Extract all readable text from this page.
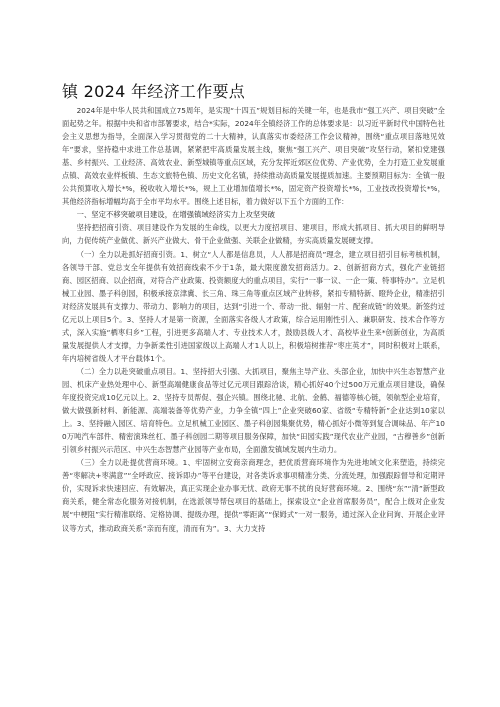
镇 2024 年经济工作要点

2024年是中华人民共和国成立75周年，是实现“十四五”规划目标的关键一年，也是我市“强工兴产、项目突破”全面起势之年。根据中央和省市部署要求，结合*实际，2024年全镇经济工作的总体要求是：以习近平新时代中国特色社会主义思想为指导，全面深入学习贯彻党的二十大精神，认真落实市委经济工作会议精神，围绕“重点项目落地见效年”要求，坚持稳中求进工作总基调，紧紧把牢高质量发展主线，聚焦“强工兴产、项目突破”攻坚行动，紧扣党建强基、乡村振兴、工业经济、高效农业、新型城镇等重点区域，充分发挥近郊区位优势、产业优势，全力打造工业发展重点镇、高效农业样板镇、生态文旅特色镇、历史文化名镇，持续推动高质量发展提质加速。主要预期目标为：全镇一般公共预算收入增长*%，税收收入增长*%，规上工业增加值增长*%，固定资产投资增长*%，工业技改投资增长*%，其他经济指标增幅均高于全市平均水平。围绕上述目标，着力做好以下五个方面的工作：

一、坚定不移突破项目建设，在增强镇域经济实力上攻坚突破

坚持把招商引资、项目建设作为发展的生命线，以更大力度招项目、建项目，形成大抓项目、抓大项目的鲜明导向，力促传统产业做优、新兴产业做大、骨干企业做强、关联企业做精，夯实高质量发展硬支撑。

（一）全力以赴抓好招商引资。1、树立“人人都是信息员，人人都是招商员”理念，建立项目招引目标考核机制，各领导干部、党总支全年提供有效招商线索不少于1条，最大限度激发招商活力。2、创新招商方式，强化产业链招商、园区招商、以企招商，对符合产业政策、投资额度大的重点项目，实行“一事一议、一企一策、特事特办”。立足机械工业园、墨子科创园，积极承接京津冀、长三角、珠三角等重点区域产业转移，紧扣专精特新、瞪羚企业，精准招引对经济发展具有支撑力、带动力、影响力的项目，达到“引进一个、带动一批、辐射一片、配套成链”的效果。新签约过亿元以上项目5个。3、坚持人才是第一资源，全面落实各级人才政策，综合运用刚性引入、兼职研发、技术合作等方式，深入实施“栖枣归乡”工程，引进更多高端人才、专业技术人才，鼓励县级人才、高校毕业生来*创新创业，为高质量发展提供人才支撑，力争新柔性引进国家级以上高端人才1人以上，积极培树推荐“枣庄英才”，同时积极对上联系，年内培树省级人才平台载体1个。

（二）全力以赴突破重点项目。1、坚持招大引强、大抓项目，聚焦主导产业、头部企业，加快中兴生态智慧产业园、机床产业热处理中心、新型高端健康食品等过亿元项目跟踪洽谈，精心抓好40个过500万元重点项目建设，确保年度投资完成10亿元以上。2、坚持专员帮促、强企兴镇。围绕北驰、北航、金鹤、福德等核心链，领航型企业培育，做大做强新材料、新能源、高端装备等优势产业，力争全镇“四上”企业突破60家、省级“专精特新”企业达到10家以上。3、坚持融入园区、培育特色。立足机械工业园区、墨子科创园集聚优势，精心抓好小微等到复合调味品、年产100万吨汽车部件、精密演珠丝杠、墨子科创园二期等项目服务保障，加快“田园实践”现代农业产业园，“古穆善乡”创新引领乡村振兴示范区、中兴生态智慧产业园等产业布局，全面激发镇域发展内生动力。

（三）全力以赴提优营商环境。1、牢固树立安商亲商理念，把优质营商环境作为先进地域文化来塑造，持续完善“枣解决+枣满意”“全呼政应、接诉即办”等平台建设，对各类诉求事项精准分类、分流处理，加强跟踪督导和定期评价，实现诉求快速回应、有效解决，真正实现企业办事无忧、政府无事不扰的良好营商环境。2、围绕“东”“清”新型政商关系，健全常态化服务对接机制，在选派领导帮包项目的基础上，探索设立“企业首席服务员”，配合上级对企业发展“中梗阻”实行精准联络、定格协调、提级办理，提供“零距离”“保姆式”一对一服务，通过深入企业问询、开展企业评议等方式，推动政商关系“亲而有度，清而有为”。3、大力支持
